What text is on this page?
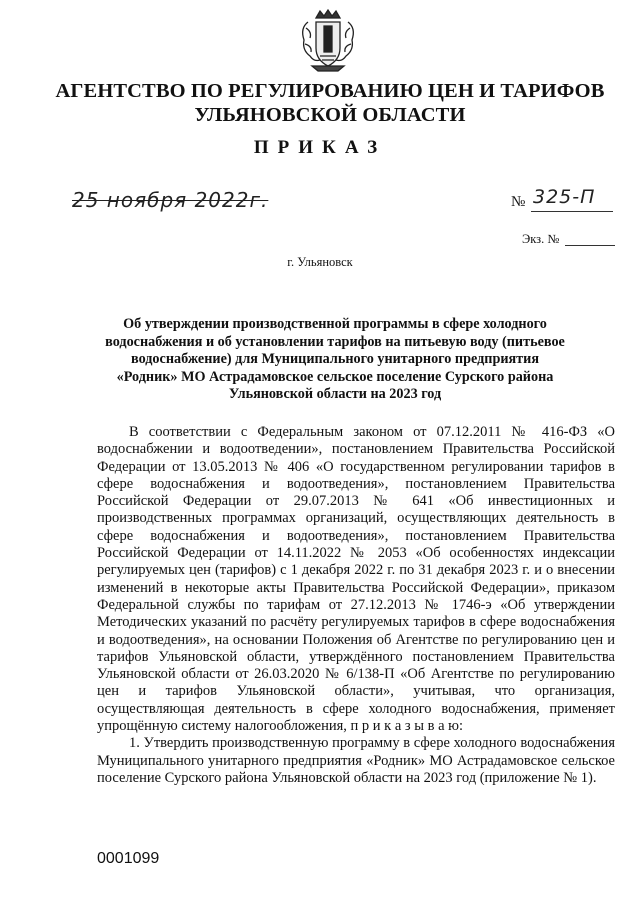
АГЕНТСТВО ПО РЕГУЛИРОВАНИЮ ЦЕН И ТАРИФОВ
УЛЬЯНОВСКОЙ ОБЛАСТИ
ПРИКАЗ
25 ноября 2022г.	№ 325-П
Экз. №
г. Ульяновск
Об утверждении производственной программы в сфере холодного водоснабжения и об установлении тарифов на питьевую воду (питьевое водоснабжение) для Муниципального унитарного предприятия «Родник» МО Астрадамовское сельское поселение Сурского района Ульяновской области на 2023 год

В соответствии с Федеральным законом от 07.12.2011 № 416-ФЗ «О водоснабжении и водоотведении», постановлением Правительства Российской Федерации от 13.05.2013 № 406 «О государственном регулировании тарифов в сфере водоснабжения и водоотведения», постановлением Правительства Российской Федерации от 29.07.2013 № 641 «Об инвестиционных и производственных программах организаций, осуществляющих деятельность в сфере водоснабжения и водоотведения», постановлением Правительства Российской Федерации от 14.11.2022 № 2053 «Об особенностях индексации регулируемых цен (тарифов) с 1 декабря 2022 г. по 31 декабря 2023 г. и о внесении изменений в некоторые акты Правительства Российской Федерации», приказом Федеральной службы по тарифам от 27.12.2013 № 1746-э «Об утверждении Методических указаний по расчёту регулируемых тарифов в сфере водоснабжения и водоотведения», на основании Положения об Агентстве по регулированию цен и тарифов Ульяновской области, утверждённого постановлением Правительства Ульяновской области от 26.03.2020 № 6/138-П «Об Агентстве по регулированию цен и тарифов Ульяновской области», учитывая, что организация, осуществляющая деятельность в сфере холодного водоснабжения, применяет упрощённую систему налогообложения, п р и к а з ы в а ю:

1. Утвердить производственную программу в сфере холодного водоснабжения Муниципального унитарного предприятия «Родник» МО Астрадамовское сельское поселение Сурского района Ульяновской области на 2023 год (приложение № 1).

0001099
